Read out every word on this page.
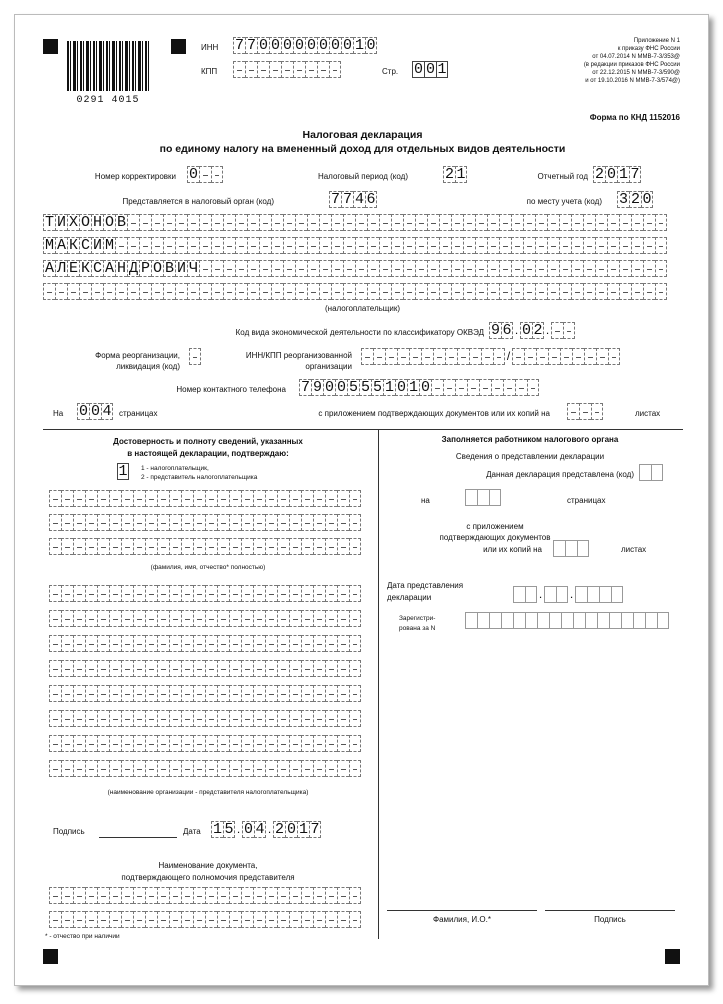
0291 4015
ИНН 7 7 0 0 0 0 0 0 0 0 1 0
КПП	Стр. 0 0 1
Приложение N 1
к приказу ФНС России
от 04.07.2014 N ММВ-7-3/353@
(в редакции приказов ФНС России
от 22.12.2015 N ММВ-7-3/590@
и от 19.10.2016 N ММВ-7-3/574@)
Форма по КНД 1152016
Налоговая декларация
по единому налогу на вмененный доход для отдельных видов деятельности
Номер корректировки 0	Налоговый период (код) 2 1	Отчетный год 2 0 1 7
Представляется в налоговый орган (код)	7 7 4 6	по месту учета (код) 3 2 0
Т И Х О Н О В
М А К С И М
А Л Е К С А Н Д Р О В И Ч
(налогоплательщик)
Код вида экономической деятельности по классификатору ОКВЭД 9 6 . 0 2 .
Форма реорганизации,
ликвидация (код)
ИНН/КПП реорганизованной
организации
/
Номер контактного телефона 7 9 0 0 5 5 5 1 0 1 0
На 0 0 4 страницах	с приложением подтверждающих документов или их копий на	листах
Достоверность и полноту сведений, указанных
в настоящей декларации, подтверждаю:
1 1 - налогоплательщик,
2 - представитель налогоплательщика
(фамилия, имя, отчество* полностью)
(наименование организации - представителя налогоплательщика)
Подпись	Дата 1 5 . 0 4 . 2 0 1 7
Наименование документа,
подтверждающего полномочия представителя
* - отчество при наличии
Заполняется работником налогового органа
Сведения о представлении декларации
Данная декларация представлена (код)
на	страницах
с приложением
подтверждающих документов
или их копий на	листах
Дата представления
декларации	. .
Зарегистри-
рована за N
Фамилия, И.О.*	Подпись
